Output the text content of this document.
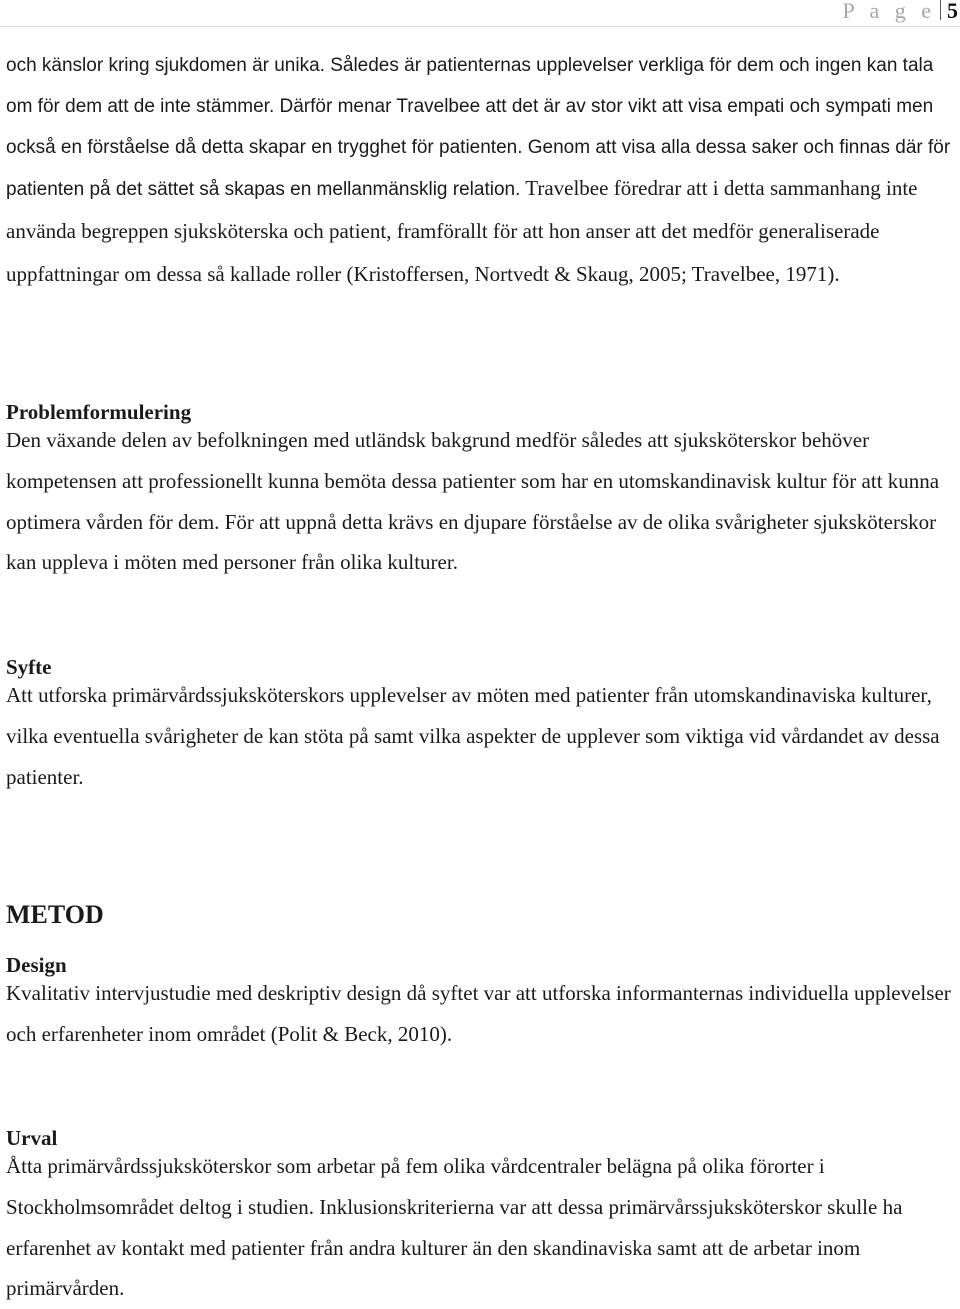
P a g e 5

och känslor kring sjukdomen är unika. Således är patienternas upplevelser verkliga för dem och ingen kan tala om för dem att de inte stämmer. Därför menar Travelbee att det är av stor vikt att visa empati och sympati men också en förståelse då detta skapar en trygghet för patienten. Genom att visa alla dessa saker och finnas där för patienten på det sättet så skapas en mellanmänsklig relation. Travelbee föredrar att i detta sammanhang inte använda begreppen sjuksköterska och patient, framförallt för att hon anser att det medför generaliserade uppfattningar om dessa så kallade roller (Kristoffersen, Nortvedt & Skaug, 2005; Travelbee, 1971).

Problemformulering

Den växande delen av befolkningen med utländsk bakgrund medför således att sjuksköterskor behöver kompetensen att professionellt kunna bemöta dessa patienter som har en utomskandinavisk kultur för att kunna optimera vården för dem. För att uppnå detta krävs en djupare förståelse av de olika svårigheter sjuksköterskor kan uppleva i möten med personer från olika kulturer.

Syfte

Att utforska primärvårdssjuksköterskors upplevelser av möten med patienter från utomskandinaviska kulturer, vilka eventuella svårigheter de kan stöta på samt vilka aspekter de upplever som viktiga vid vårdandet av dessa patienter.

METOD
Design

Kvalitativ intervjustudie med deskriptiv design då syftet var att utforska informanternas individuella upplevelser och erfarenheter inom området (Polit & Beck, 2010).

Urval

Åtta primärvårdssjuksköterskor som arbetar på fem olika vårdcentraler belägna på olika förorter i Stockholmsområdet deltog i studien. Inklusionskriterierna var att dessa primärvårssjuksköterskor skulle ha erfarenhet av kontakt med patienter från andra kulturer än den skandinaviska samt att de arbetar inom primärvården.
